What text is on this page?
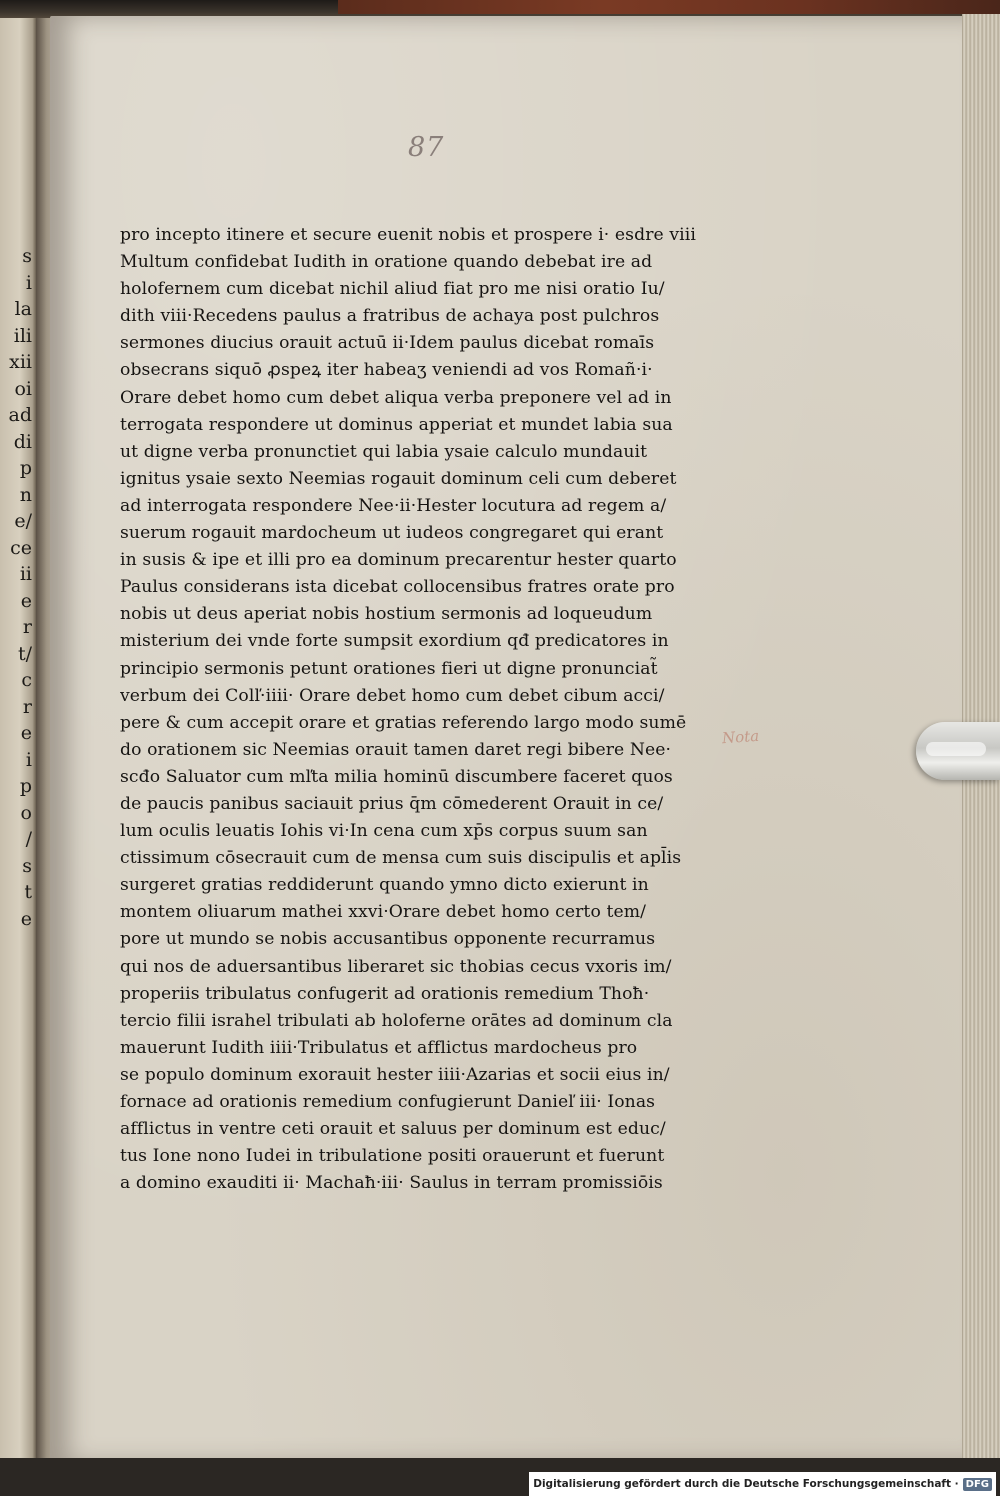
s
i
la
ili
xii
oi
ad
di
p
n
e/
ce
ii
e
r
t/
c
r
e
i
p
o
/
s
t
e
87
pro incepto itinere et secure euenit nobis et prospere i· esdre viii
Multum confidebat Iudith in oratione quando debebat ire ad
holofernem cum dicebat nichil aliud fiat pro me nisi oratio Iu/
dith viii·Recedens paulus a fratribus de achaya post pulchros
sermones diucius orauit actuū ii·Idem paulus dicebat romaīs
obsecrans siquō ꝓspeꝝ iter habeaʒ veniendi ad vos Romañ·i·
Orare debet homo cum debet aliqua verba preponere vel ad in
terrogata respondere ut dominus apperiat et mundet labia sua
ut digne verba pronunctiet qui labia ysaie calculo mundauit
ignitus ysaie sexto Neemias rogauit dominum celi cum deberet
ad interrogata respondere Nee·ii·Hester locutura ad regem a/
suerum rogauit mardocheum ut iudeos congregaret qui erant
in susis & ipe et illi pro ea dominum precarentur hester quarto
Paulus considerans ista dicebat collocensibus fratres orate pro
nobis ut deus aperiat nobis hostium sermonis ad loqueudum
misterium dei vnde forte sumpsit exordium qđ predicatores in
principio sermonis petunt orationes fieri ut digne pronunciat̃
verbum dei Colľ·iiii· Orare debet homo cum debet cibum acci/
pere & cum accepit orare et gratias referendo largo modo sumē
do orationem sic Neemias orauit tamen daret regi bibere Nee·
scđo Saluator cum mľta milia hominū discumbere faceret quos
de paucis panibus saciauit prius q̄m cōmederent Orauit in ce/
lum oculis leuatis Iohis vi·In cena cum xp̄s corpus suum san
ctissimum cōsecrauit cum de mensa cum suis discipulis et apl̄is
surgeret gratias reddiderunt quando ymno dicto exierunt in
montem oliuarum mathei xxvi·Orare debet homo certo tem/
pore ut mundo se nobis accusantibus opponente recurramus
qui nos de aduersantibus liberaret sic thobias cecus vxoris im/
properiis tribulatus confugerit ad orationis remedium Thoħ·
tercio filii israhel tribulati ab holoferne orātes ad dominum cla
mauerunt Iudith iiii·Tribulatus et afflictus mardocheus pro
se populo dominum exorauit hester iiii·Azarias et socii eius in/
fornace ad orationis remedium confugierunt Danieľ iii· Ionas
afflictus in ventre ceti orauit et saluus per dominum est educ/
tus Ione nono Iudei in tribulatione positi orauerunt et fuerunt
a domino exauditi ii· Machaħ·iii· Saulus in terram promissiōis
Nota
Digitalisierung gefördert durch die Deutsche Forschungsgemeinschaft · DFG
